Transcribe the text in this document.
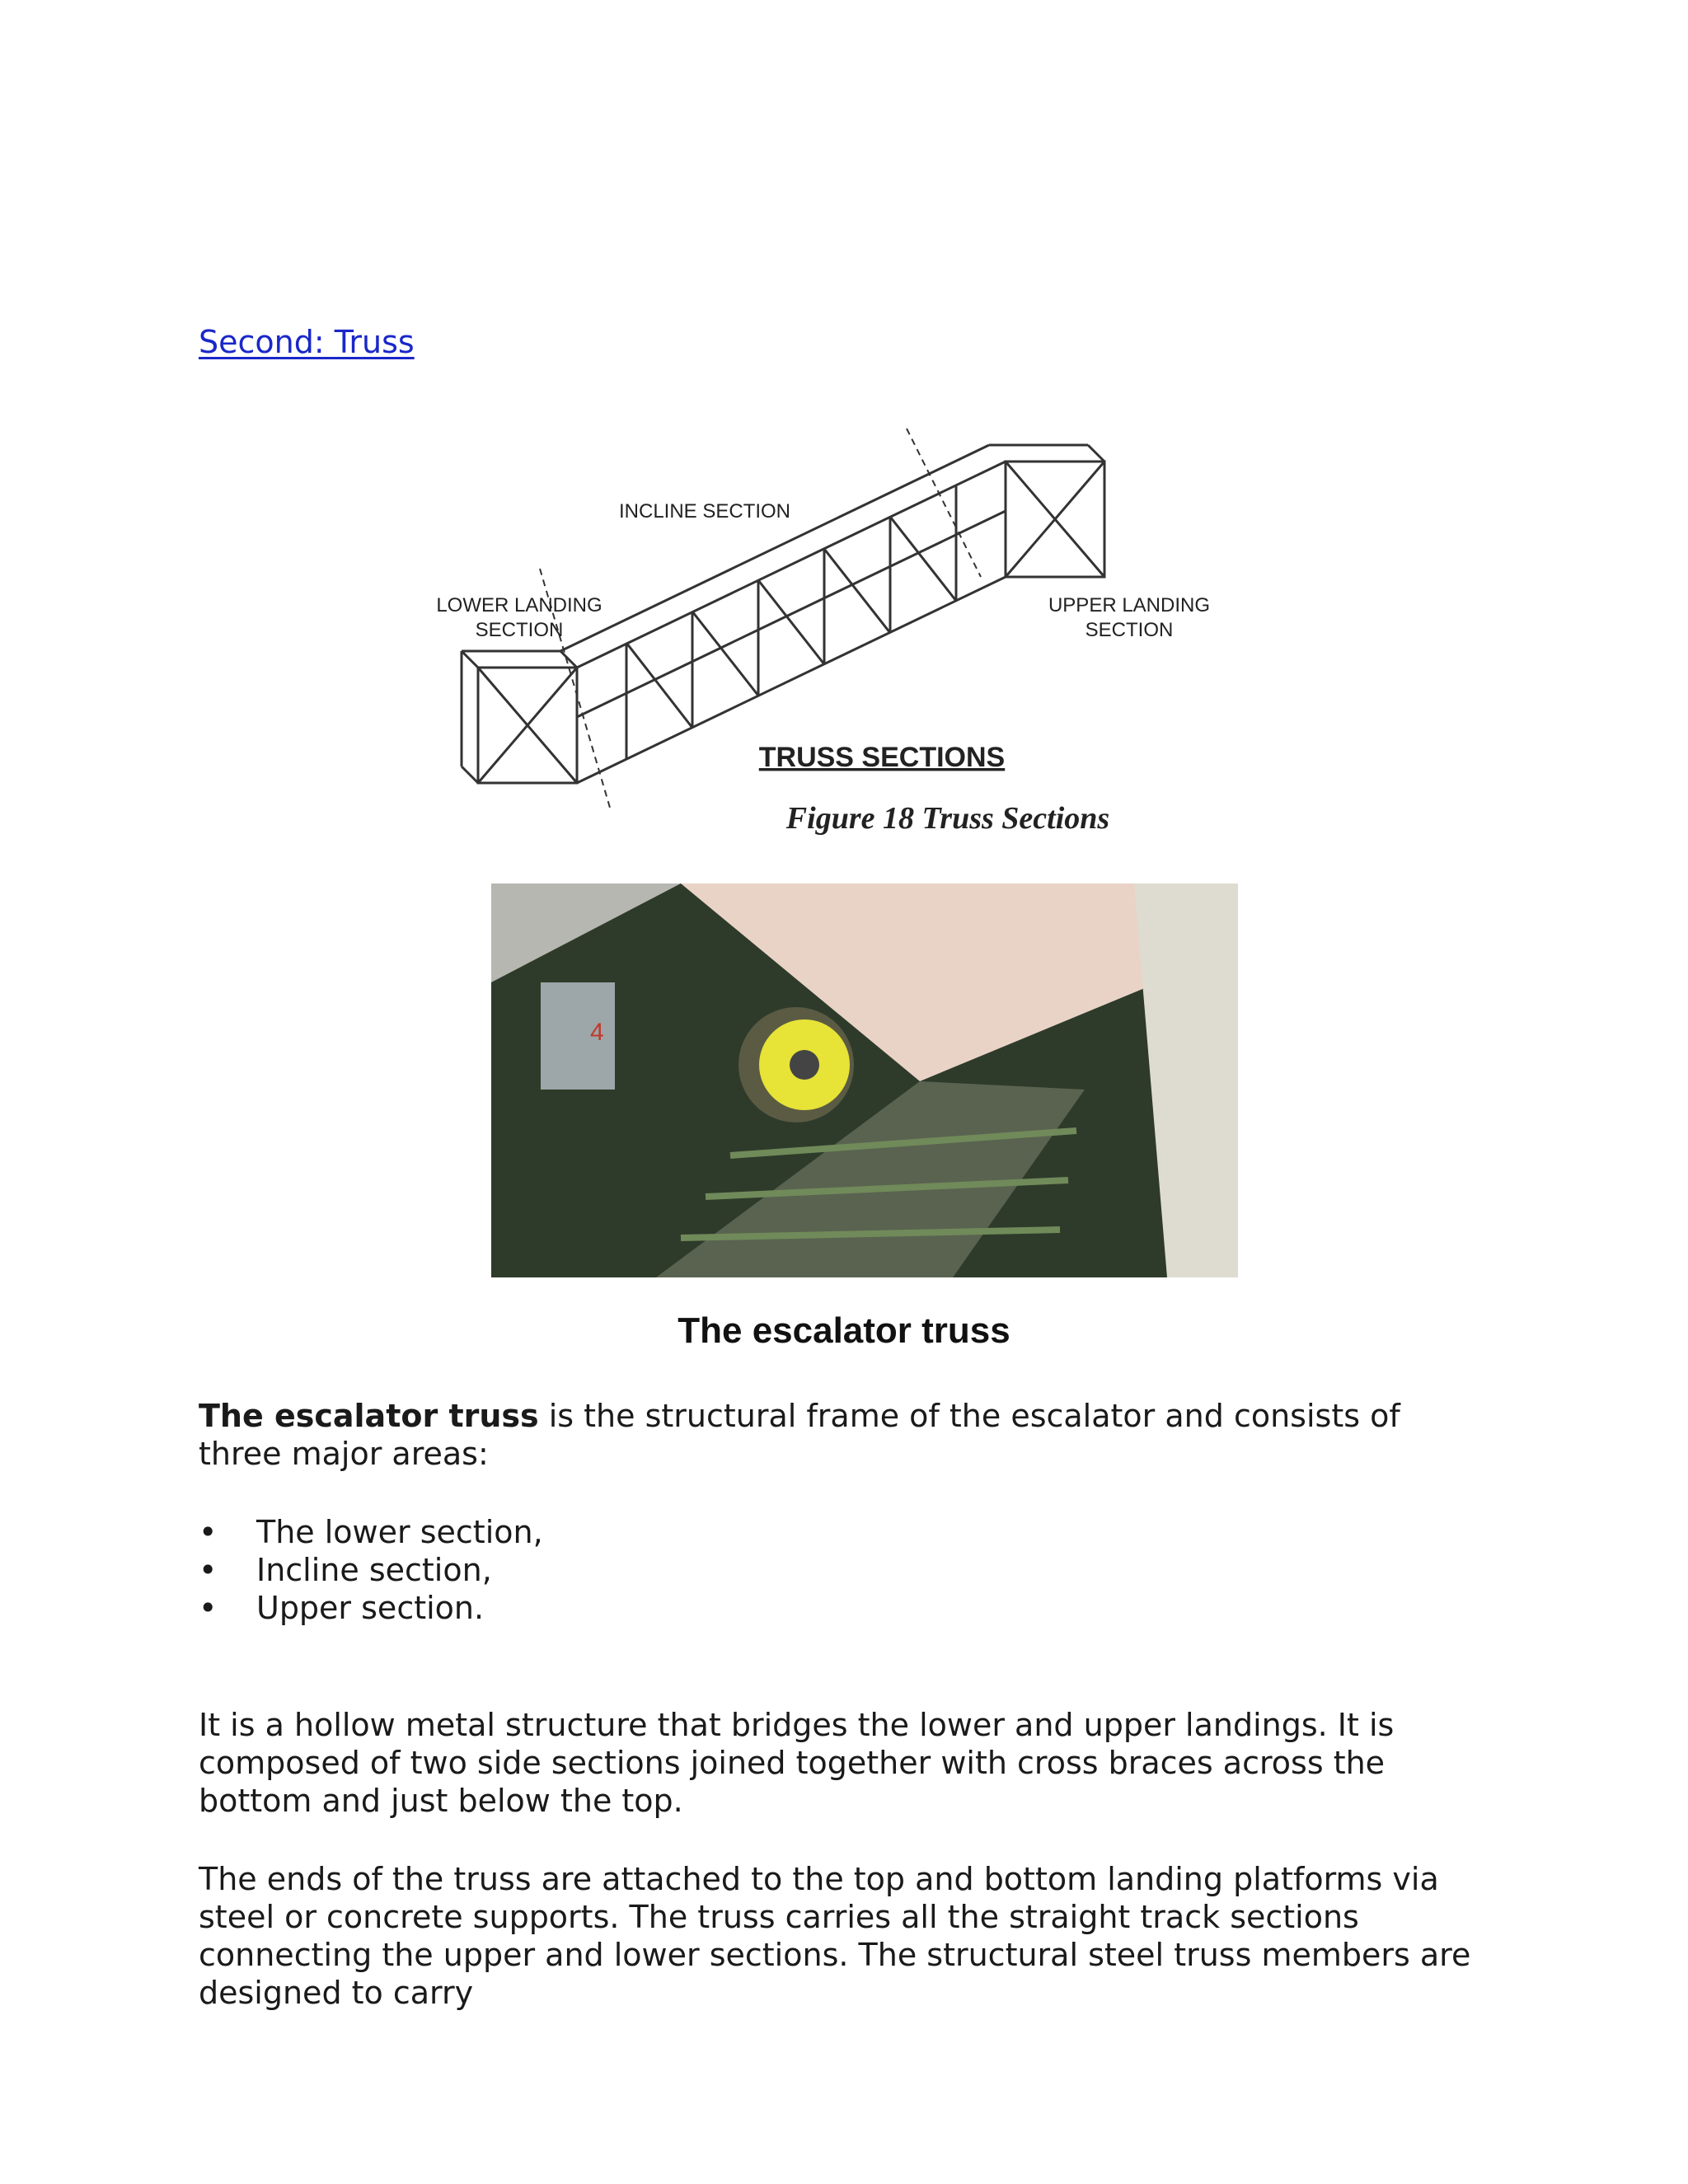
Second: Truss
INCLINE SECTION
LOWER LANDING
SECTION
UPPER LANDING
SECTION
TRUSS SECTIONS
Figure 18 Truss Sections
4
The escalator truss
The escalator truss is the structural frame of the escalator and consists of three major areas:
• The lower section,
• Incline section,
• Upper section.
It is a hollow metal structure that bridges the lower and upper landings. It is composed of two side sections joined together with cross braces across the bottom and just below the top.
The ends of the truss are attached to the top and bottom landing platforms via steel or concrete supports. The truss carries all the straight track sections connecting the upper and lower sections. The structural steel truss members are designed to carry
